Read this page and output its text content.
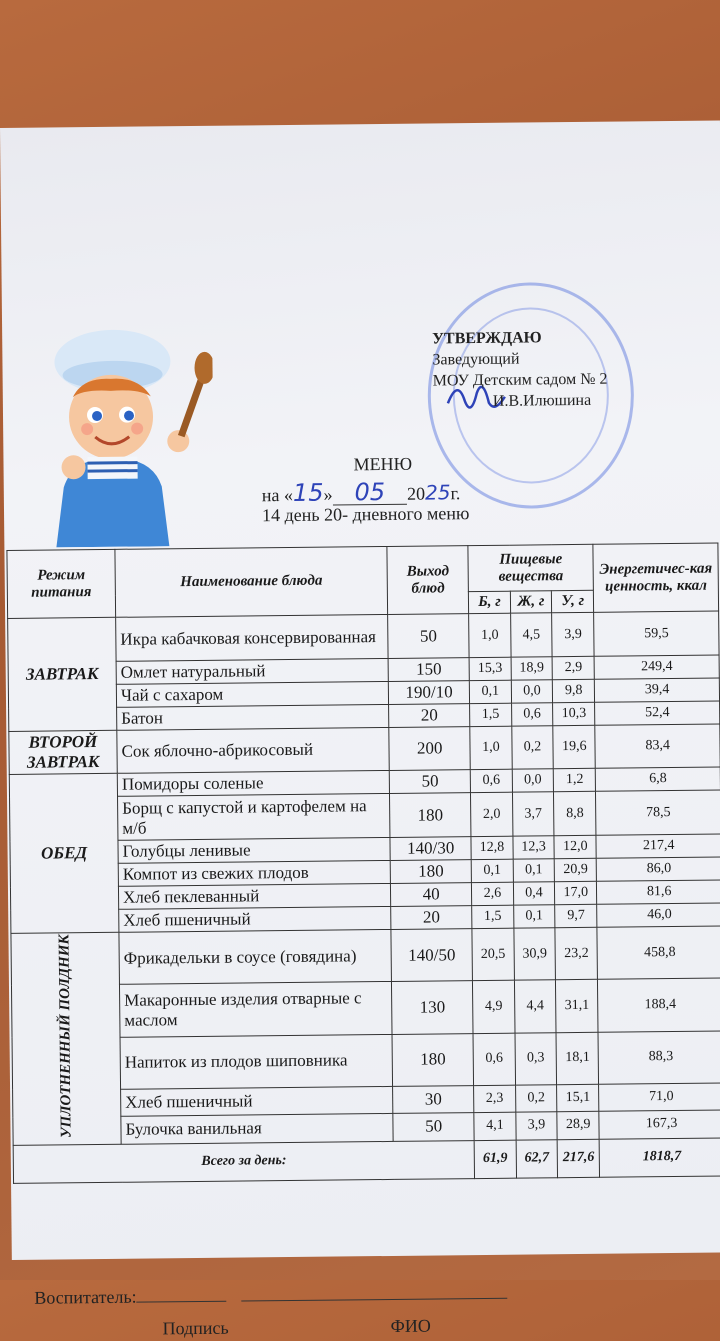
УТВЕРЖДАЮ
Заведующий
МОУ Детским садом № 2
И.В.Илюшина
МЕНЮ
на «15» 05 2025г.
14 день 20- дневного меню
Режим питания	Наименование блюда	Выход блюд	Пищевые вещества			Энергетичес-кая ценность, ккал
			Б, г	Ж, г	У, г	
ЗАВТРАК	Икра кабачковая консервированная	50	1,0	4,5	3,9	59,5
	Омлет натуральный	150	15,3	18,9	2,9	249,4
	Чай с сахаром	190/10	0,1	0,0	9,8	39,4
	Батон	20	1,5	0,6	10,3	52,4
ВТОРОЙ ЗАВТРАК	Сок яблочно-абрикосовый	200	1,0	0,2	19,6	83,4
ОБЕД	Помидоры соленые	50	0,6	0,0	1,2	6,8
	Борщ с капустой и картофелем на м/б	180	2,0	3,7	8,8	78,5
	Голубцы ленивые	140/30	12,8	12,3	12,0	217,4
	Компот из свежих плодов	180	0,1	0,1	20,9	86,0
	Хлеб пеклеванный	40	2,6	0,4	17,0	81,6
	Хлеб пшеничный	20	1,5	0,1	9,7	46,0
УПЛОТНЕННЫЙ ПОЛДНИК	Фрикадельки в соусе (говядина)	140/50	20,5	30,9	23,2	458,8
	Макаронные изделия отварные с маслом	130	4,9	4,4	31,1	188,4
	Напиток из плодов шиповника	180	0,6	0,3	18,1	88,3
	Хлеб пшеничный	30	2,3	0,2	15,1	71,0
	Булочка ванильная	50	4,1	3,9	28,9	167,3
Всего за день:			61,9	62,7	217,6	1818,7
Воспитатель:
Подпись	ФИО
